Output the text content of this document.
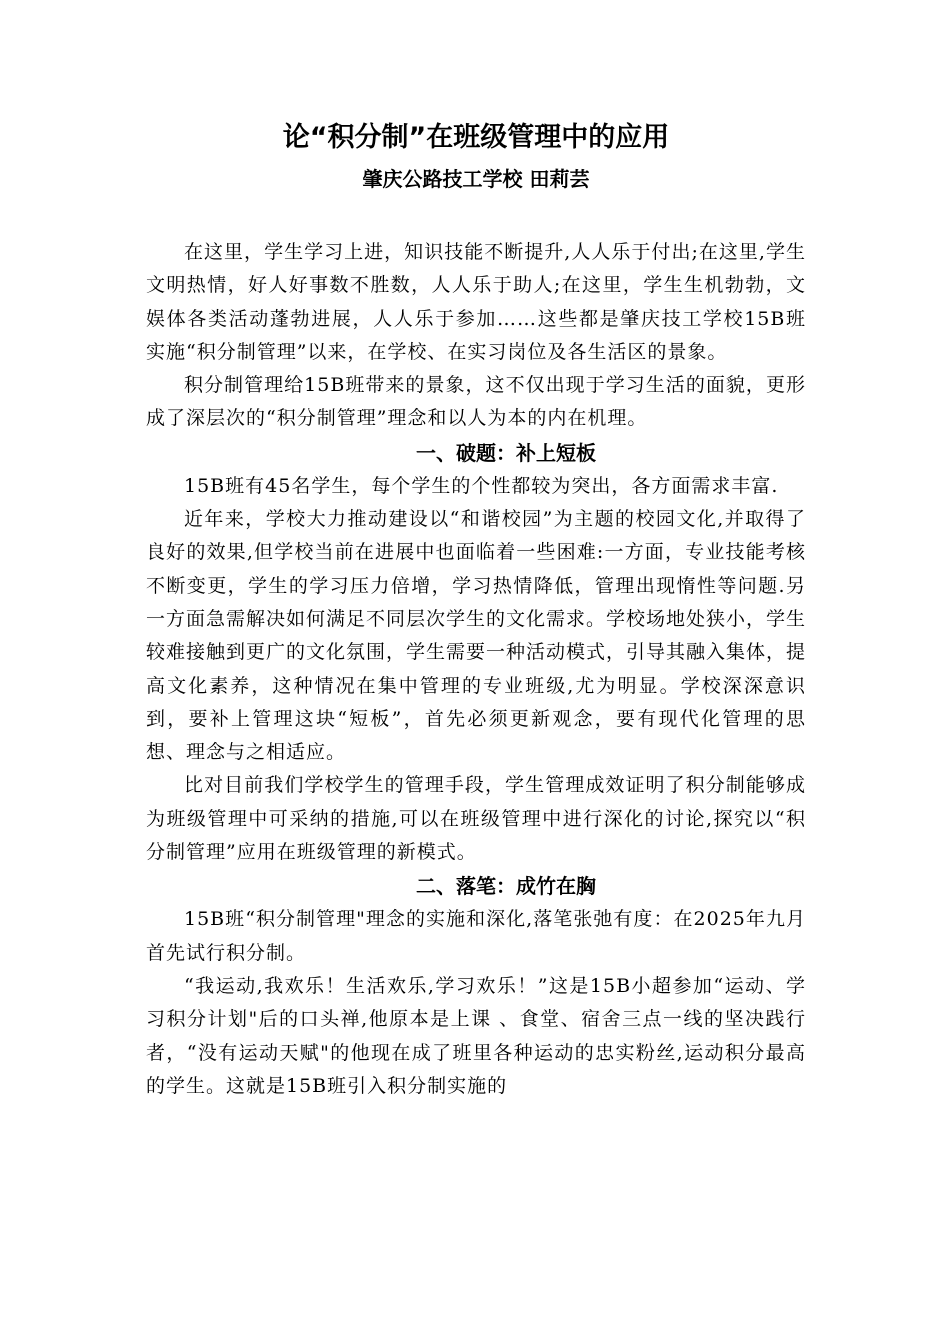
论“积分制”在班级管理中的应用

肇庆公路技工学校 田莉芸

在这里，学生学习上进，知识技能不断提升,人人乐于付出;在这里,学生文明热情，好人好事数不胜数，人人乐于助人;在这里，学生生机勃勃，文娱体各类活动蓬勃进展，人人乐于参加……这些都是肇庆技工学校15B班实施“积分制管理”以来，在学校、在实习岗位及各生活区的景象。

积分制管理给15B班带来的景象，这不仅出现于学习生活的面貌，更形成了深层次的“积分制管理”理念和以人为本的内在机理。

一、破题：补上短板

15B班有45名学生，每个学生的个性都较为突出，各方面需求丰富.

近年来，学校大力推动建设以“和谐校园”为主题的校园文化,并取得了良好的效果,但学校当前在进展中也面临着一些困难:一方面，专业技能考核不断变更，学生的学习压力倍增，学习热情降低，管理出现惰性等问题.另一方面急需解决如何满足不同层次学生的文化需求。学校场地处狭小，学生较难接触到更广的文化氛围，学生需要一种活动模式，引导其融入集体，提高文化素养，这种情况在集中管理的专业班级,尤为明显。学校深深意识到，要补上管理这块“短板”，首先必须更新观念，要有现代化管理的思想、理念与之相适应。

比对目前我们学校学生的管理手段，学生管理成效证明了积分制能够成为班级管理中可采纳的措施,可以在班级管理中进行深化的讨论,探究以“积分制管理”应用在班级管理的新模式。

二、落笔：成竹在胸

15B班“积分制管理"理念的实施和深化,落笔张弛有度：在2025年九月首先试行积分制。

“我运动,我欢乐！生活欢乐,学习欢乐！”这是15B小超参加“运动、学习积分计划"后的口头禅,他原本是上课 、食堂、宿舍三点一线的坚决践行者，“没有运动天赋"的他现在成了班里各种运动的忠实粉丝,运动积分最高的学生。这就是15B班引入积分制实施的
